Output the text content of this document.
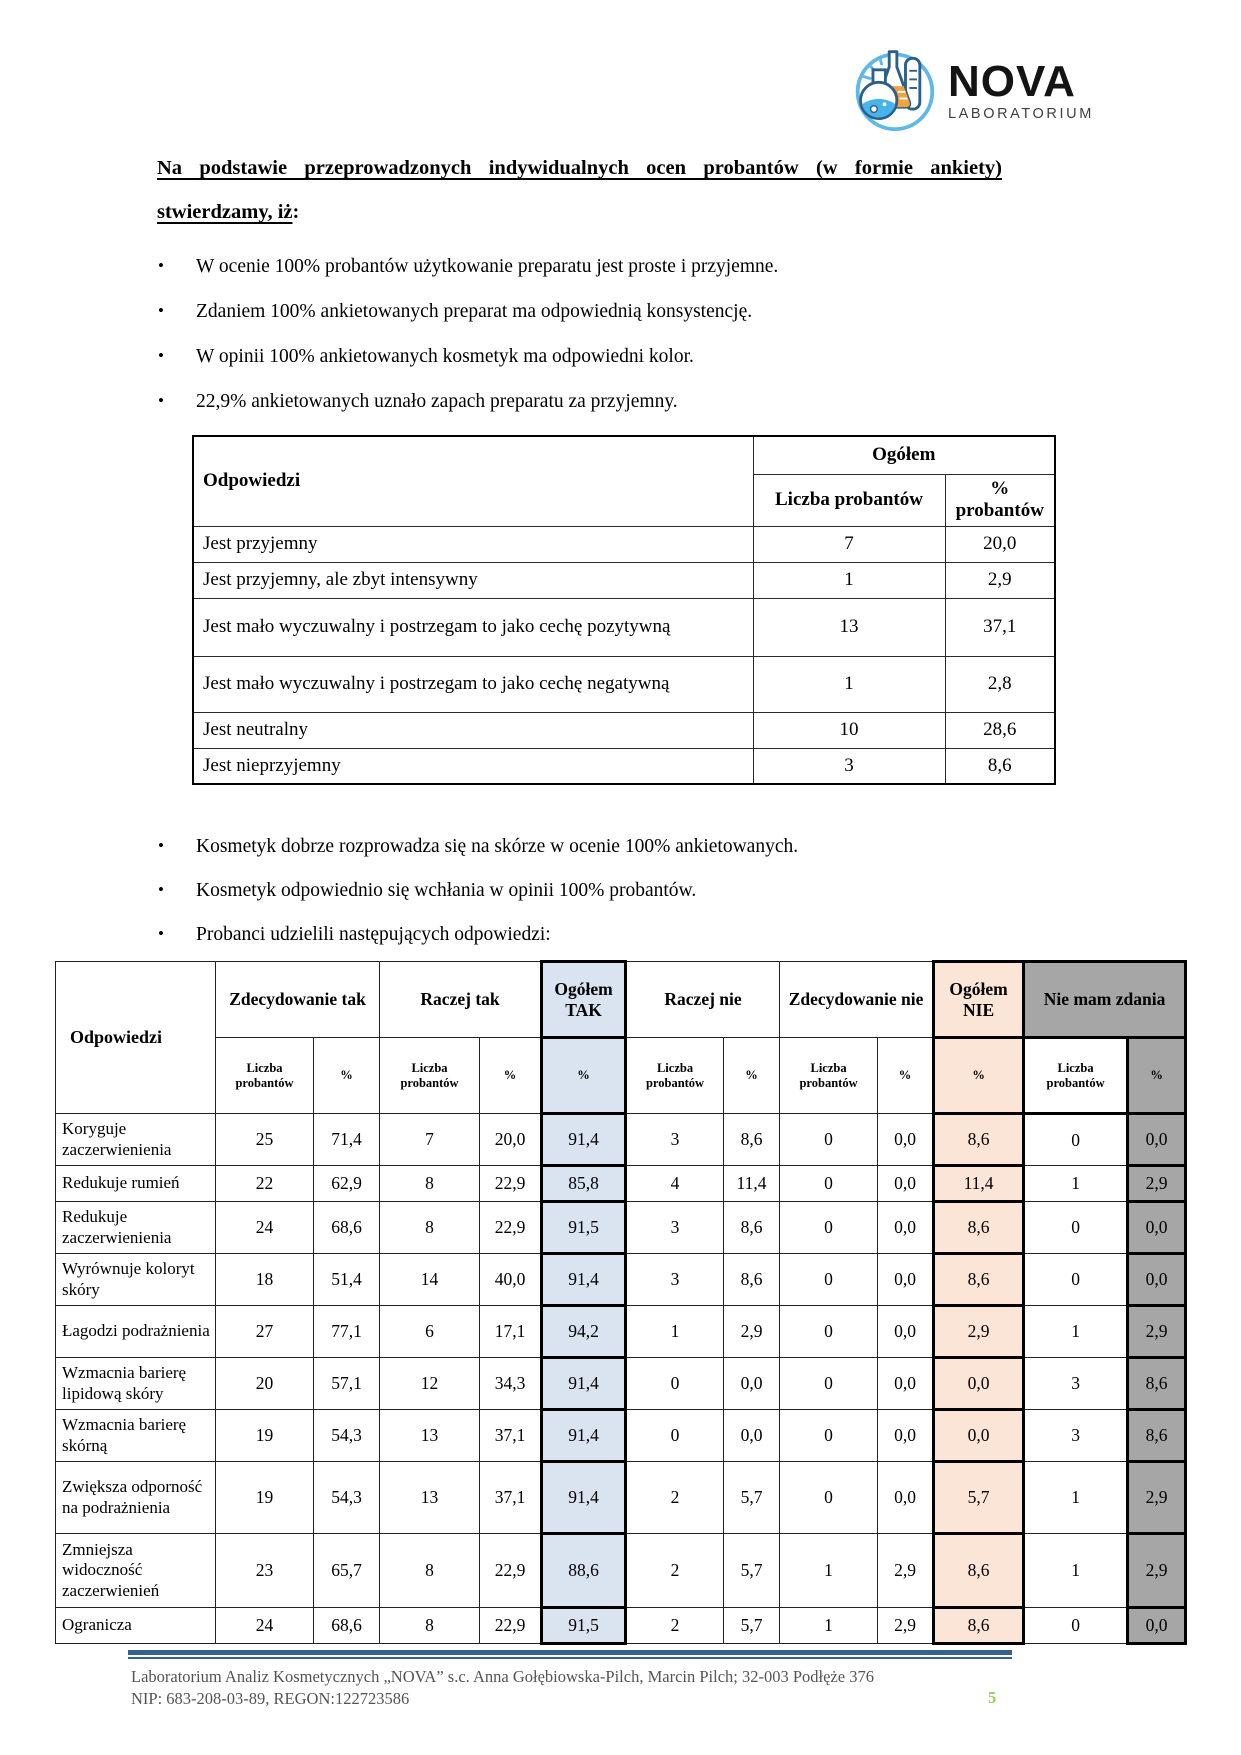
NOVA
LABORATORIUM
Na podstawie przeprowadzonych indywidualnych ocen probantów (w formie ankiety)
stwierdzamy, iż:
• W ocenie 100% probantów użytkowanie preparatu jest proste i przyjemne.
• Zdaniem 100% ankietowanych preparat ma odpowiednią konsystencję.
• W opinii 100% ankietowanych kosmetyk ma odpowiedni kolor.
• 22,9% ankietowanych uznało zapach preparatu za przyjemny.
Odpowiedzi	Ogółem	
	Liczba probantów	% probantów
Jest przyjemny	7	20,0
Jest przyjemny, ale zbyt intensywny	1	2,9
Jest mało wyczuwalny i postrzegam to jako cechę pozytywną	13	37,1
Jest mało wyczuwalny i postrzegam to jako cechę negatywną	1	2,8
Jest neutralny	10	28,6
Jest nieprzyjemny	3	8,6
• Kosmetyk dobrze rozprowadza się na skórze w ocenie 100% ankietowanych.
• Kosmetyk odpowiednio się wchłania w opinii 100% probantów.
• Probanci udzielili następujących odpowiedzi:
Odpowiedzi	Zdecydowanie tak		Raczej tak		Ogółem TAK	Raczej nie		Zdecydowanie nie		Ogółem NIE	Nie mam zdania	
	Liczba probantów	%	Liczba probantów	%	%	Liczba probantów	%	Liczba probantów	%	%	Liczba probantów	%
Koryguje zaczerwienienia	25	71,4	7	20,0	91,4	3	8,6	0	0,0	8,6	0	0,0
Redukuje rumień	22	62,9	8	22,9	85,8	4	11,4	0	0,0	11,4	1	2,9
Redukuje zaczerwienienia	24	68,6	8	22,9	91,5	3	8,6	0	0,0	8,6	0	0,0
Wyrównuje koloryt skóry	18	51,4	14	40,0	91,4	3	8,6	0	0,0	8,6	0	0,0
Łagodzi podrażnienia	27	77,1	6	17,1	94,2	1	2,9	0	0,0	2,9	1	2,9
Wzmacnia barierę lipidową skóry	20	57,1	12	34,3	91,4	0	0,0	0	0,0	0,0	3	8,6
Wzmacnia barierę skórną	19	54,3	13	37,1	91,4	0	0,0	0	0,0	0,0	3	8,6
Zwiększa odporność na podrażnienia	19	54,3	13	37,1	91,4	2	5,7	0	0,0	5,7	1	2,9
Zmniejsza widoczność zaczerwienień	23	65,7	8	22,9	88,6	2	5,7	1	2,9	8,6	1	2,9
Ogranicza	24	68,6	8	22,9	91,5	2	5,7	1	2,9	8,6	0	0,0
Laboratorium Analiz Kosmetycznych „NOVA” s.c. Anna Gołębiowska-Pilch, Marcin Pilch; 32-003 Podłęże 376
NIP: 683-208-03-89, REGON:122723586	5
